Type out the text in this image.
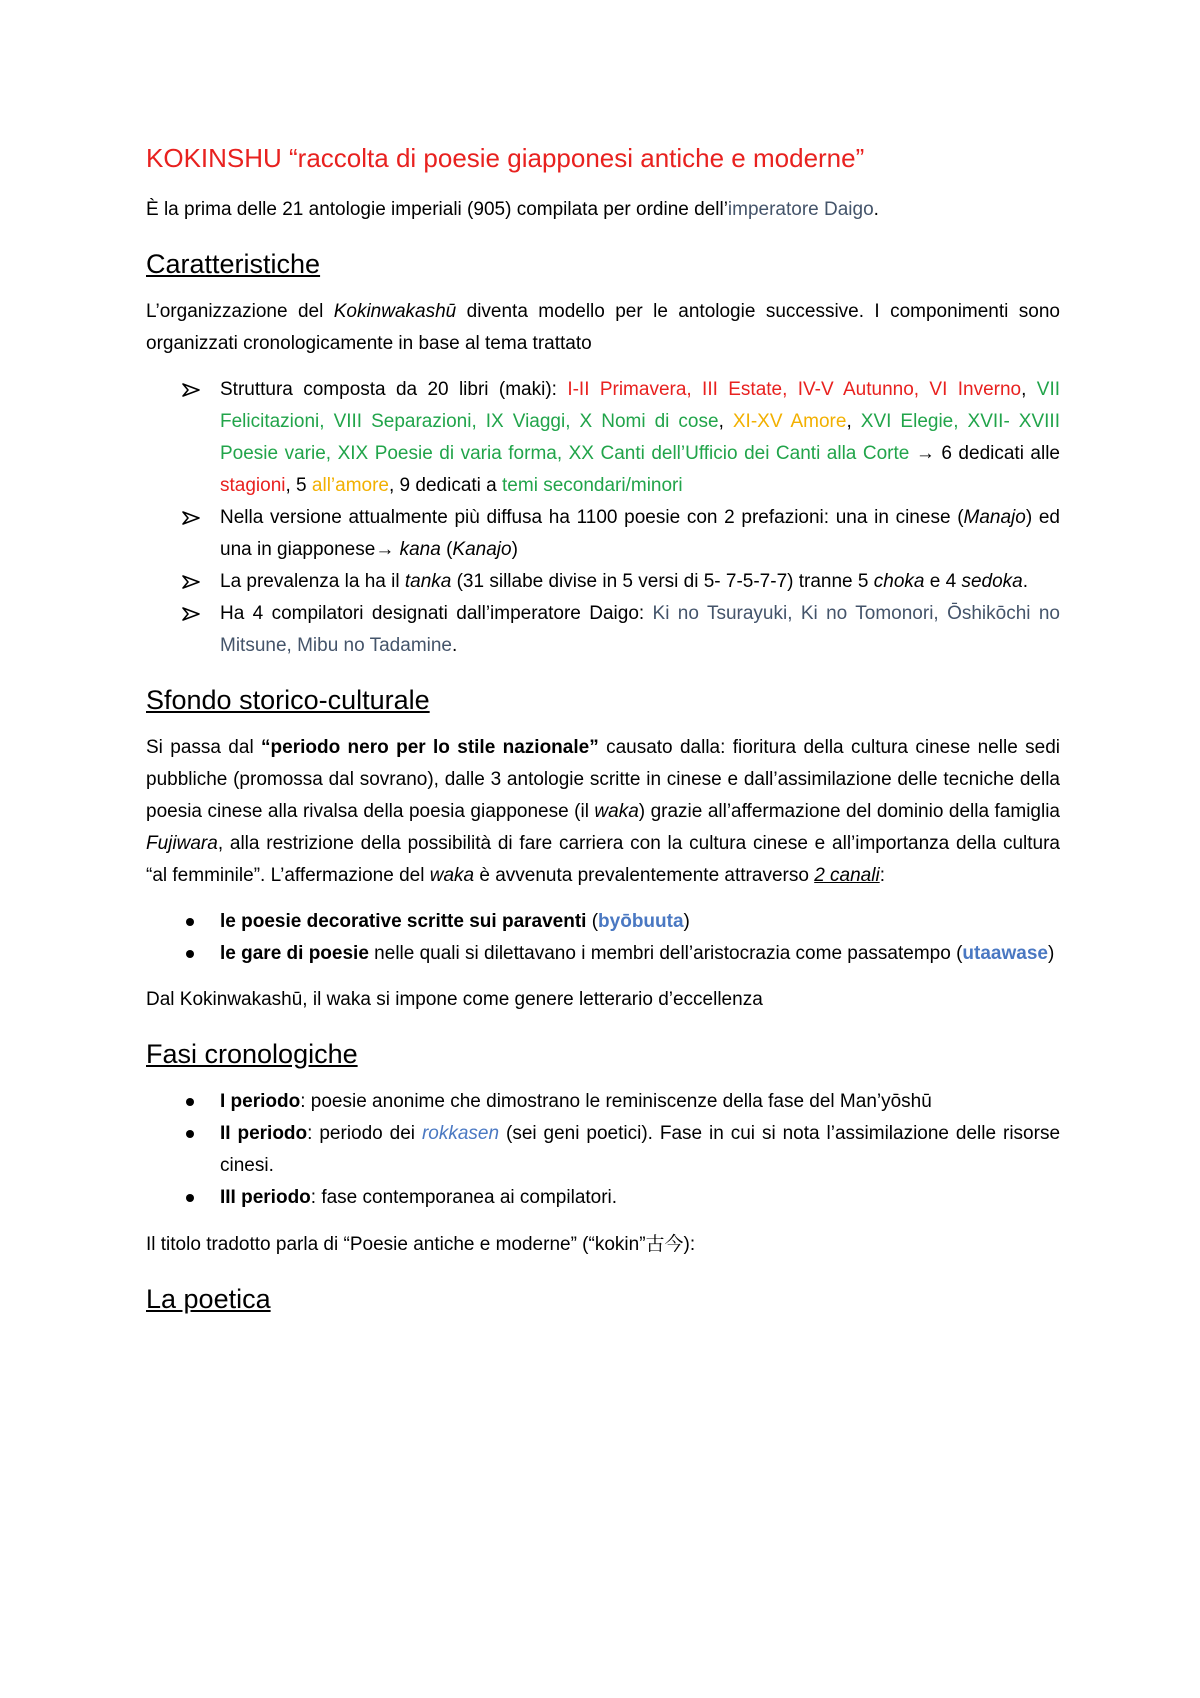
KOKINSHU “raccolta di poesie giapponesi antiche e moderne”

È la prima delle 21 antologie imperiali (905) compilata per ordine dell’imperatore Daigo.

Caratteristiche

L’organizzazione del Kokinwakashū diventa modello per le antologie successive. I componimenti sono organizzati cronologicamente in base al tema trattato

Struttura composta da 20 libri (maki): I-II Primavera, III Estate, IV-V Autunno, VI Inverno, VII Felicitazioni, VIII Separazioni, IX Viaggi, X Nomi di cose, XI-XV Amore, XVI Elegie, XVII- XVIII Poesie varie, XIX Poesie di varia forma, XX Canti dell’Ufficio dei Canti alla Corte → 6 dedicati alle stagioni, 5 all’amore, 9 dedicati a temi secondari/minori
Nella versione attualmente più diffusa ha 1100 poesie con 2 prefazioni: una in cinese (Manajo) ed una in giapponese→ kana (Kanajo)
La prevalenza la ha il tanka (31 sillabe divise in 5 versi di 5- 7-5-7-7) tranne 5 choka e 4 sedoka.
Ha 4 compilatori designati dall’imperatore Daigo: Ki no Tsurayuki, Ki no Tomonori, Ōshikōchi no Mitsune, Mibu no Tadamine.
Sfondo storico-culturale

Si passa dal “periodo nero per lo stile nazionale” causato dalla: fioritura della cultura cinese nelle sedi pubbliche (promossa dal sovrano), dalle 3 antologie scritte in cinese e dall’assimilazione delle tecniche della poesia cinese alla rivalsa della poesia giapponese (il waka) grazie all’affermazione del dominio della famiglia Fujiwara, alla restrizione della possibilità di fare carriera con la cultura cinese e all’importanza della cultura “al femminile”. L’affermazione del waka è avvenuta prevalentemente attraverso 2 canali:

le poesie decorative scritte sui paraventi (byōbuuta)
le gare di poesie nelle quali si dilettavano i membri dell’aristocrazia come passatempo (utaawase)

Dal Kokinwakashū, il waka si impone come genere letterario d’eccellenza

Fasi cronologiche
I periodo: poesie anonime che dimostrano le reminiscenze della fase del Man’yōshū
II periodo: periodo dei rokkasen (sei geni poetici). Fase in cui si nota l’assimilazione delle risorse cinesi.
III periodo: fase contemporanea ai compilatori.

Il titolo tradotto parla di “Poesie antiche e moderne” (“kokin”古今):

La poetica
